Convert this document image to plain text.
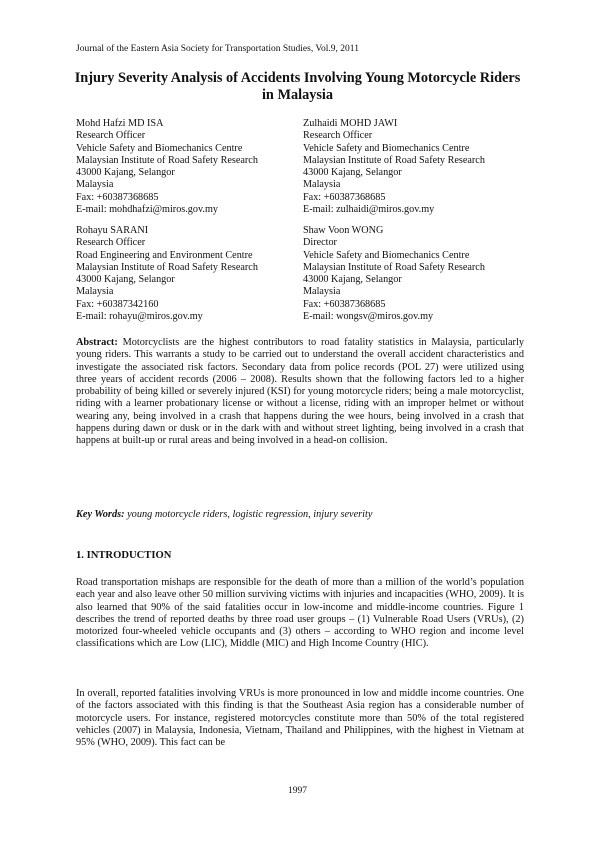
Journal of the Eastern Asia Society for Transportation Studies, Vol.9, 2011
Injury Severity Analysis of Accidents Involving Young Motorcycle Riders in Malaysia
Mohd Hafzi MD ISA
Research Officer
Vehicle Safety and Biomechanics Centre
Malaysian Institute of Road Safety Research
43000 Kajang, Selangor
Malaysia
Fax: +60387368685
E-mail: mohdhafzi@miros.gov.my
Zulhaidi MOHD JAWI
Research Officer
Vehicle Safety and Biomechanics Centre
Malaysian Institute of Road Safety Research
43000 Kajang, Selangor
Malaysia
Fax: +60387368685
E-mail: zulhaidi@miros.gov.my
Rohayu SARANI
Research Officer
Road Engineering and Environment Centre
Malaysian Institute of Road Safety Research
43000 Kajang, Selangor
Malaysia
Fax: +60387342160
E-mail: rohayu@miros.gov.my
Shaw Voon WONG
Director
Vehicle Safety and Biomechanics Centre
Malaysian Institute of Road Safety Research
43000 Kajang, Selangor
Malaysia
Fax: +60387368685
E-mail: wongsv@miros.gov.my
Abstract: Motorcyclists are the highest contributors to road fatality statistics in Malaysia, particularly young riders. This warrants a study to be carried out to understand the overall accident characteristics and investigate the associated risk factors. Secondary data from police records (POL 27) were utilized using three years of accident records (2006 – 2008). Results shown that the following factors led to a higher probability of being killed or severely injured (KSI) for young motorcycle riders; being a male motorcyclist, riding with a learner probationary license or without a license, riding with an improper helmet or without wearing any, being involved in a crash that happens during the wee hours, being involved in a crash that happens during dawn or dusk or in the dark with and without street lighting, being involved in a crash that happens at built-up or rural areas and being involved in a head-on collision.
Key Words: young motorcycle riders, logistic regression, injury severity
1. INTRODUCTION
Road transportation mishaps are responsible for the death of more than a million of the world’s population each year and also leave other 50 million surviving victims with injuries and incapacities (WHO, 2009). It is also learned that 90% of the said fatalities occur in low-income and middle-income countries. Figure 1 describes the trend of reported deaths by three road user groups – (1) Vulnerable Road Users (VRUs), (2) motorized four-wheeled vehicle occupants and (3) others – according to WHO region and income level classifications which are Low (LIC), Middle (MIC) and High Income Country (HIC).
In overall, reported fatalities involving VRUs is more pronounced in low and middle income countries. One of the factors associated with this finding is that the Southeast Asia region has a considerable number of motorcycle users. For instance, registered motorcycles constitute more than 50% of the total registered vehicles (2007) in Malaysia, Indonesia, Vietnam, Thailand and Philippines, with the highest in Vietnam at 95% (WHO, 2009). This fact can be
1997
